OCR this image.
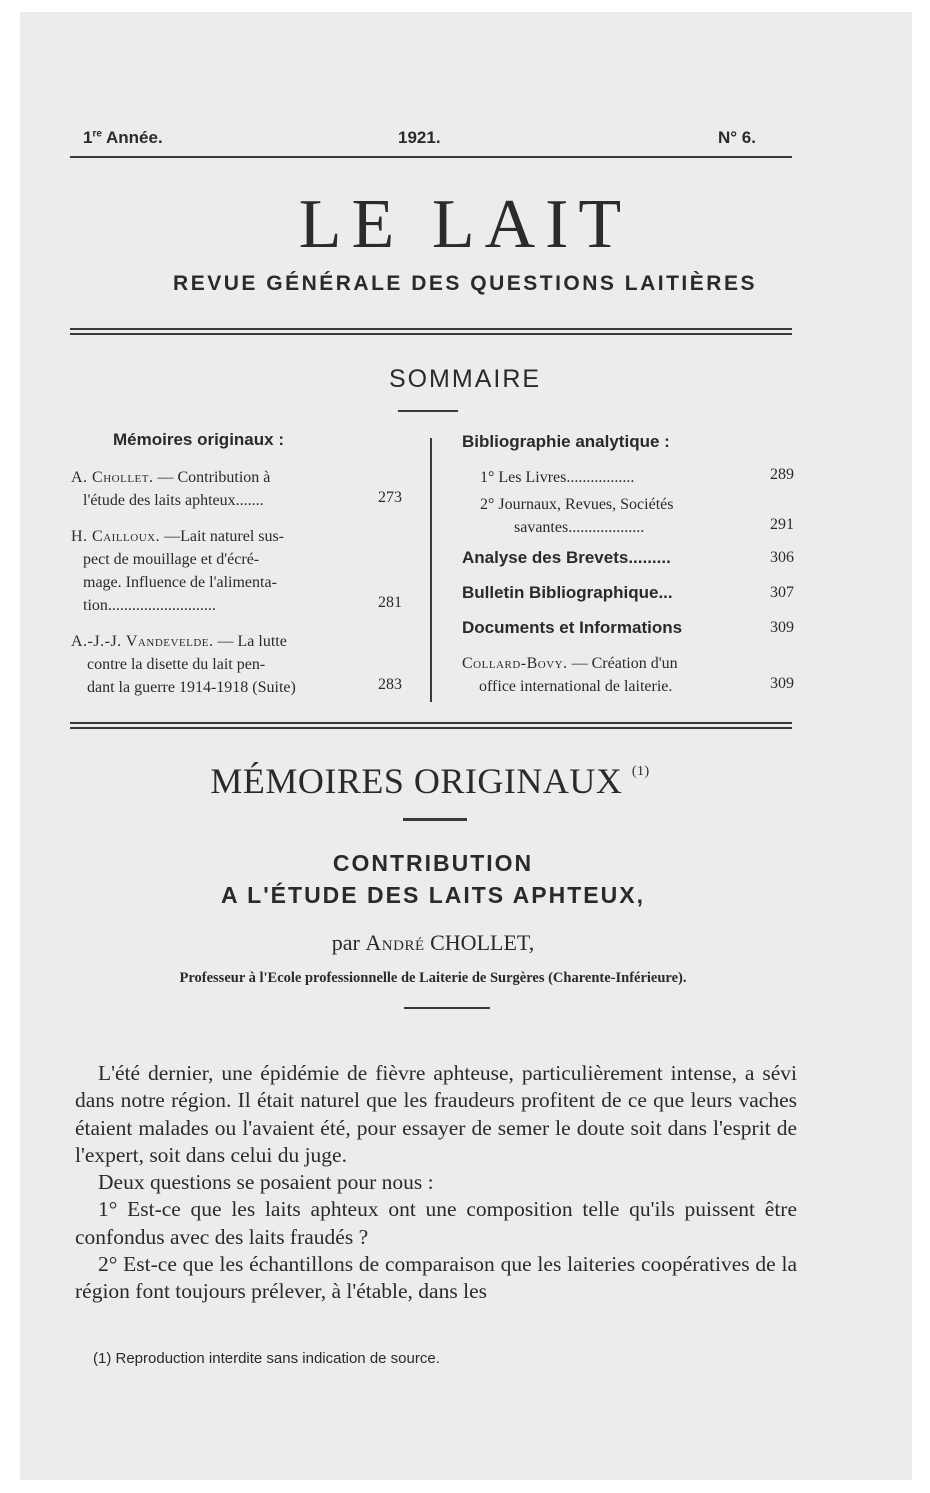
1re Année.	1921.	N° 6.
LE LAIT
REVUE GÉNÉRALE DES QUESTIONS LAITIÈRES
SOMMAIRE
Mémoires originaux :
A. Chollet. — Contribution à
l'étude des laits aphteux.......	273
H. Cailloux. —Lait naturel sus-
pect de mouillage et d'écré-
mage. Influence de l'alimenta-
tion...........................	281
A.-J.-J. Vandevelde. — La lutte
contre la disette du lait pen-
dant la guerre 1914-1918 (Suite)	283
Bibliographie analytique :
1° Les Livres.................	289
2° Journaux, Revues, Sociétés
savantes...................	291
Analyse des Brevets.........	306
Bulletin Bibliographique...	307
Documents et Informations	309
Collard-Bovy. — Création d'un
office international de laiterie.	309
MÉMOIRES ORIGINAUX $^{(1)}$
CONTRIBUTION
A L'ÉTUDE DES LAITS APHTEUX,
par André CHOLLET,
Professeur à l'Ecole professionnelle de Laiterie de Surgères (Charente-Inférieure).

L'été dernier, une épidémie de fièvre aphteuse, particulièrement intense, a sévi dans notre région. Il était naturel que les fraudeurs profitent de ce que leurs vaches étaient malades ou l'avaient été, pour essayer de semer le doute soit dans l'esprit de l'expert, soit dans celui du juge.

Deux questions se posaient pour nous :

1° Est-ce que les laits aphteux ont une composition telle qu'ils puissent être confondus avec des laits fraudés ?

2° Est-ce que les échantillons de comparaison que les laiteries coopératives de la région font toujours prélever, à l'étable, dans les

(1) Reproduction interdite sans indication de source.
